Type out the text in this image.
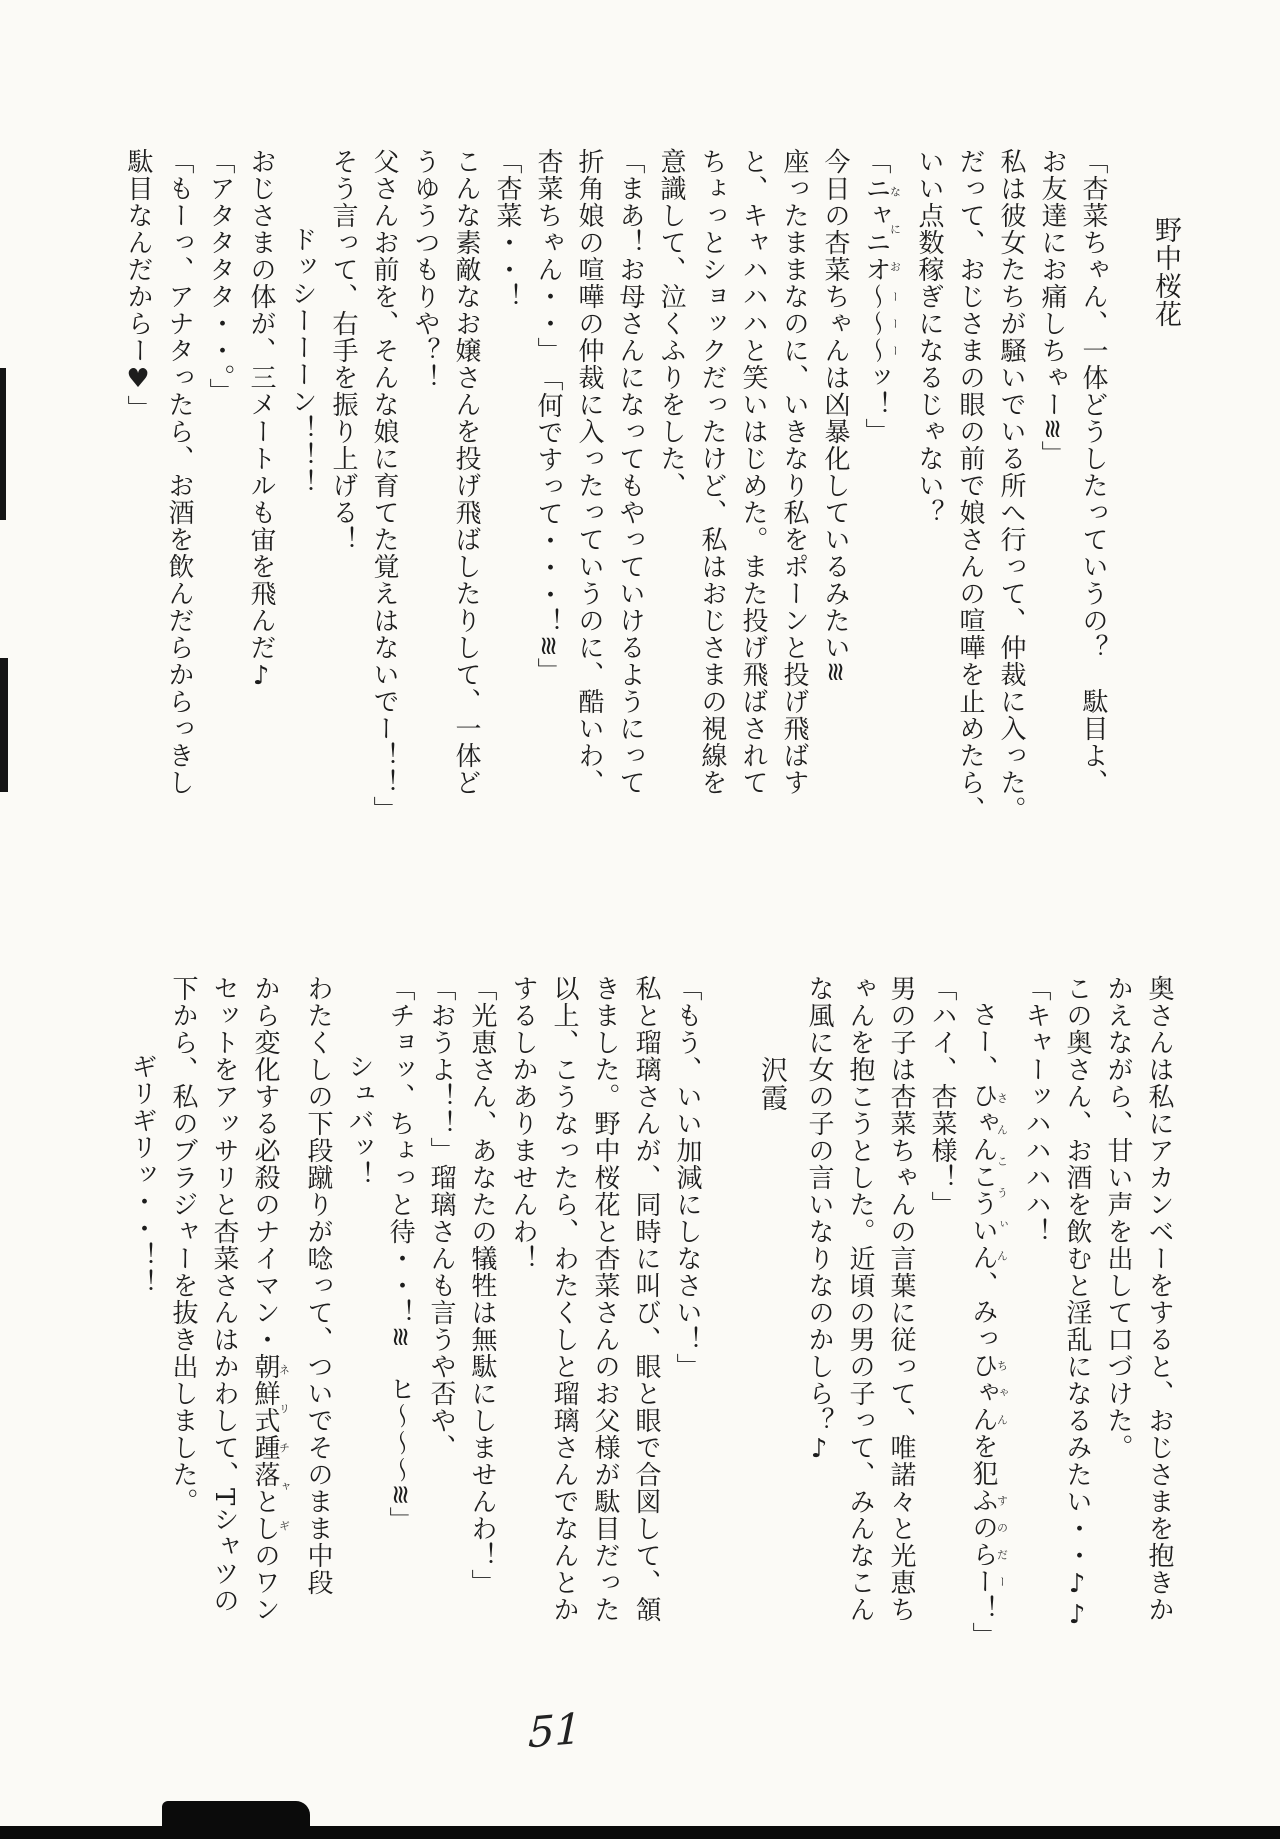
野中桜花

「杏菜ちゃん、一体どうしたっていうの？　駄目よ、

お友達にお痛しちゃー≋」

私は彼女たちが騒いでいる所へ行って、仲裁に入った。

だって、おじさまの眼の前で娘さんの喧嘩を止めたら、

いい点数稼ぎになるじゃない？

「ニャニオなにお～～～ーーーッ！」

今日の杏菜ちゃんは凶暴化しているみたい≋

座ったままなのに、いきなり私をポーンと投げ飛ばす

と、キャハハハと笑いはじめた。また投げ飛ばされて

ちょっとショックだったけど、私はおじさまの視線を

意識して、泣くふりをした、

「まあ！お母さんになってもやっていけるようにって

折角娘の喧嘩の仲裁に入ったっていうのに、酷いわ、

杏菜ちゃん・・」　「何ですって・・・！≋」

「杏菜・・！

こんな素敵なお嬢さんを投げ飛ばしたりして、一体ど

うゆうつもりや？！

父さんお前を、そんな娘に育てた覚えはないでー！！」

そう言って、右手を振り上げる！

ドッシーーーン！！！

おじさまの体が、三メートルも宙を飛んだ♪

「アタタタタ・・。」

「もーっ、アナタったら、お酒を飲んだらからっきし

駄目なんだからー♥」

奥さんは私にアカンベーをすると、おじさまを抱きか

かえながら、甘い声を出して口づけた。

この奥さん、お酒を飲むと淫乱になるみたい・・♪♪

「キャーッハハハハ！

さー、ひゃんこういんさんこうぃん、みっひゃんちゃんを犯ふのらーすのだー！」

「ハイ、杏菜様！」

男の子は杏菜ちゃんの言葉に従って、唯諾々と光恵ち

ゃんを抱こうとした。近頃の男の子って、みんなこん

な風に女の子の言いなりなのかしら？♪

沢霞

「もう、いい加減にしなさい！」

私と瑠璃さんが、同時に叫び、眼と眼で合図して、頷

きました。野中桜花と杏菜さんのお父様が駄目だった

以上、こうなったら、わたくしと瑠璃さんでなんとか

するしかありませんわ！

「光恵さん、あなたの犠牲は無駄にしませんわ！」

「おうよ！！」瑠璃さんも言うや否や、

「チョッ、ちょっと待・・！≋　ヒ～～～≋」

シュバッ！

わたくしの下段蹴りが唸って、ついでそのまま中段

から変化する必殺のナイマン・朝鮮式踵落としネリチャギのワン

セットをアッサリと杏菜さんはかわして、Tシャツの

下から、私のブラジャーを抜き出しました。

ギリギリッ・・！！

51
